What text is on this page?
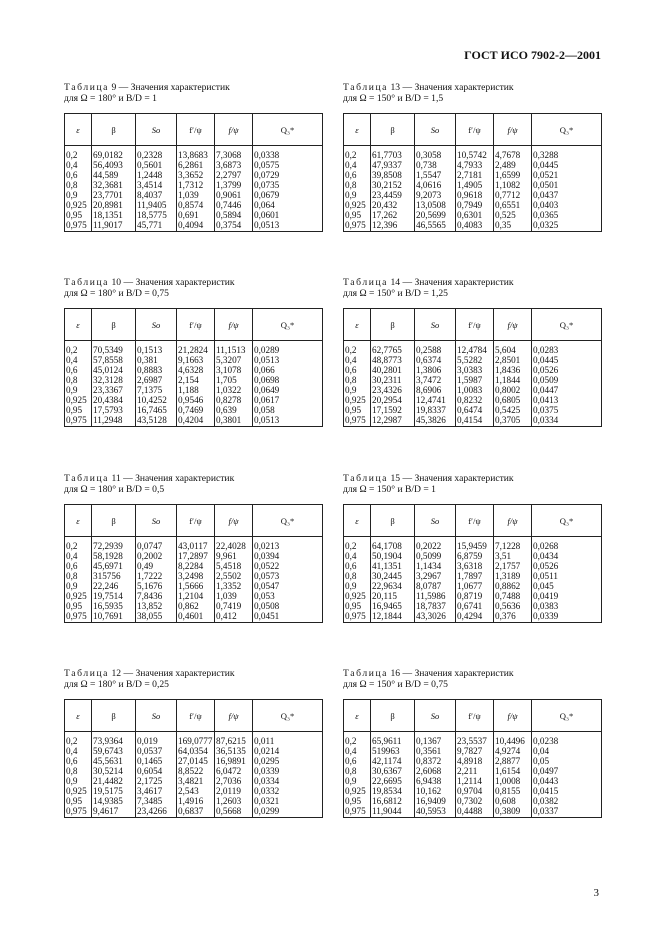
ГОСТ ИСО 7902-2—2001

Таблица 9 — Значения характеристик

для Ω = 180° и B/D = 1

ε	β	So	f′/ψ	f/ψ	Q₃*
0,2	69,0182	0,2328	13,8683	7,3068	0,0338
0,4	56,4093	0,5601	6,2861	3,6873	0,0575
0,6	44,589	1,2448	3,3652	2,2797	0,0729
0,8	32,3681	3,4514	1,7312	1,3799	0,0735
0,9	23,7701	8,4037	1,039	0,9061	0,0679
0,925	20,8981	11,9405	0,8574	0,7446	0,064
0,95	18,1351	18,5775	0,691	0,5894	0,0601
0,975	11,9017	45,771	0,4094	0,3754	0,0513

Таблица 13 — Значения характеристик

для Ω = 150° и B/D = 1,5

ε	β	So	f′/ψ	f/ψ	Q₃*
0,2	61,7703	0,3058	10,5742	4,7678	0,3288
0,4	47,9337	0,738	4,7933	2,489	0,0445
0,6	39,8508	1,5547	2,7181	1,6599	0,0521
0,8	30,2152	4,0616	1,4905	1,1082	0,0501
0,9	23,4459	9,2073	0,9618	0,7712	0,0437
0,925	20,432	13,0508	0,7949	0,6551	0,0403
0,95	17,262	20,5699	0,6301	0,525	0,0365
0,975	12,396	46,5565	0,4083	0,35	0,0325

Таблица 10 — Значения характеристик

для Ω = 180° и B/D = 0,75

ε	β	So	f′/ψ	f/ψ	Q₃*
0,2	70,5349	0,1513	21,2824	11,1513	0,0289
0,4	57,8558	0,381	9,1663	5,3207	0,0513
0,6	45,0124	0,8883	4,6328	3,1078	0,066
0,8	32,3128	2,6987	2,154	1,705	0,0698
0,9	23,3367	7,1375	1,188	1,0322	0,0649
0,925	20,4384	10,4252	0,9546	0,8278	0,0617
0,95	17,5793	16,7465	0,7469	0,639	0,058
0,975	11,2948	43,5128	0,4204	0,3801	0,0513

Таблица 14 — Значения характеристик

для Ω = 150° и B/D = 1,25

ε	β	So	f′/ψ	f/ψ	Q₃*
0,2	62,7765	0,2588	12,4784	5,604	0,0283
0,4	48,8773	0,6374	5,5282	2,8501	0,0445
0,6	40,2801	1,3806	3,0383	1,8436	0,0526
0,8	30,2311	3,7472	1,5987	1,1844	0,0509
0,9	23,4326	8,6906	1,0083	0,8002	0,0447
0,925	20,2954	12,4741	0,8232	0,6805	0,0413
0,95	17,1592	19,8337	0,6474	0,5425	0,0375
0,975	12,2987	45,3826	0,4154	0,3705	0,0334

Таблица 11 — Значения характеристик

для Ω = 180° и B/D = 0,5

ε	β	So	f′/ψ	f/ψ	Q₃*
0,2	72,2939	0,0747	43,0117	22,4028	0,0213
0,4	58,1928	0,2002	17,2897	9,961	0,0394
0,6	45,6971	0,49	8,2284	5,4518	0,0522
0,8	315756	1,7222	3,2498	2,5502	0,0573
0,9	22,246	5,1676	1,5666	1,3352	0,0547
0,925	19,7514	7,8436	1,2104	1,039	0,053
0,95	16,5935	13,852	0,862	0,7419	0,0508
0,975	10,7691	38,055	0,4601	0,412	0,0451

Таблица 15 — Значения характеристик

для Ω = 150° и B/D = 1

ε	β	So	f′/ψ	f/ψ	Q₃*
0,2	64,1708	0,2022	15,9459	7,1228	0,0268
0,4	50,1904	0,5099	6,8759	3,51	0,0434
0,6	41,1351	1,1434	3,6318	2,1757	0,0526
0,8	30,2445	3,2967	1,7897	1,3189	0,0511
0,9	22,9634	8,0787	1,0677	0,8862	0,045
0,925	20,115	11,5986	0,8719	0,7488	0,0419
0,95	16,9465	18,7837	0,6741	0,5636	0,0383
0,975	12,1844	43,3026	0,4294	0,376	0,0339

Таблица 12 — Значения характеристик

для Ω = 180° и B/D = 0,25

ε	β	So	f′/ψ	f/ψ	Q₃*
0,2	73,9364	0,019	169,0777	87,6215	0,011
0,4	59,6743	0,0537	64,0354	36,5135	0,0214
0,6	45,5631	0,1465	27,0145	16,9891	0,0295
0,8	30,5214	0,6054	8,8522	6,0472	0,0339
0,9	21,4482	2,1725	3,4821	2,7036	0,0334
0,925	19,5175	3,4617	2,543	2,0119	0,0332
0,95	14,9385	7,3485	1,4916	1,2603	0,0321
0,975	9,4617	23,4266	0,6837	0,5668	0,0299

Таблица 16 — Значения характеристик

для Ω = 150° и B/D = 0,75

ε	β	So	f′/ψ	f/ψ	Q₃*
0,2	65,9611	0,1367	23,5537	10,4496	0,0238
0,4	519963	0,3561	9,7827	4,9274	0,04
0,6	42,1174	0,8372	4,8918	2,8877	0,05
0,8	30,6367	2,6068	2,211	1,6154	0,0497
0,9	22,6695	6,9438	1,2114	1,0008	0,0443
0,925	19,8534	10,162	0,9704	0,8155	0,0415
0,95	16,6812	16,9409	0,7302	0,608	0,0382
0,975	11,9044	40,5953	0,4488	0,3809	0,0337
3
